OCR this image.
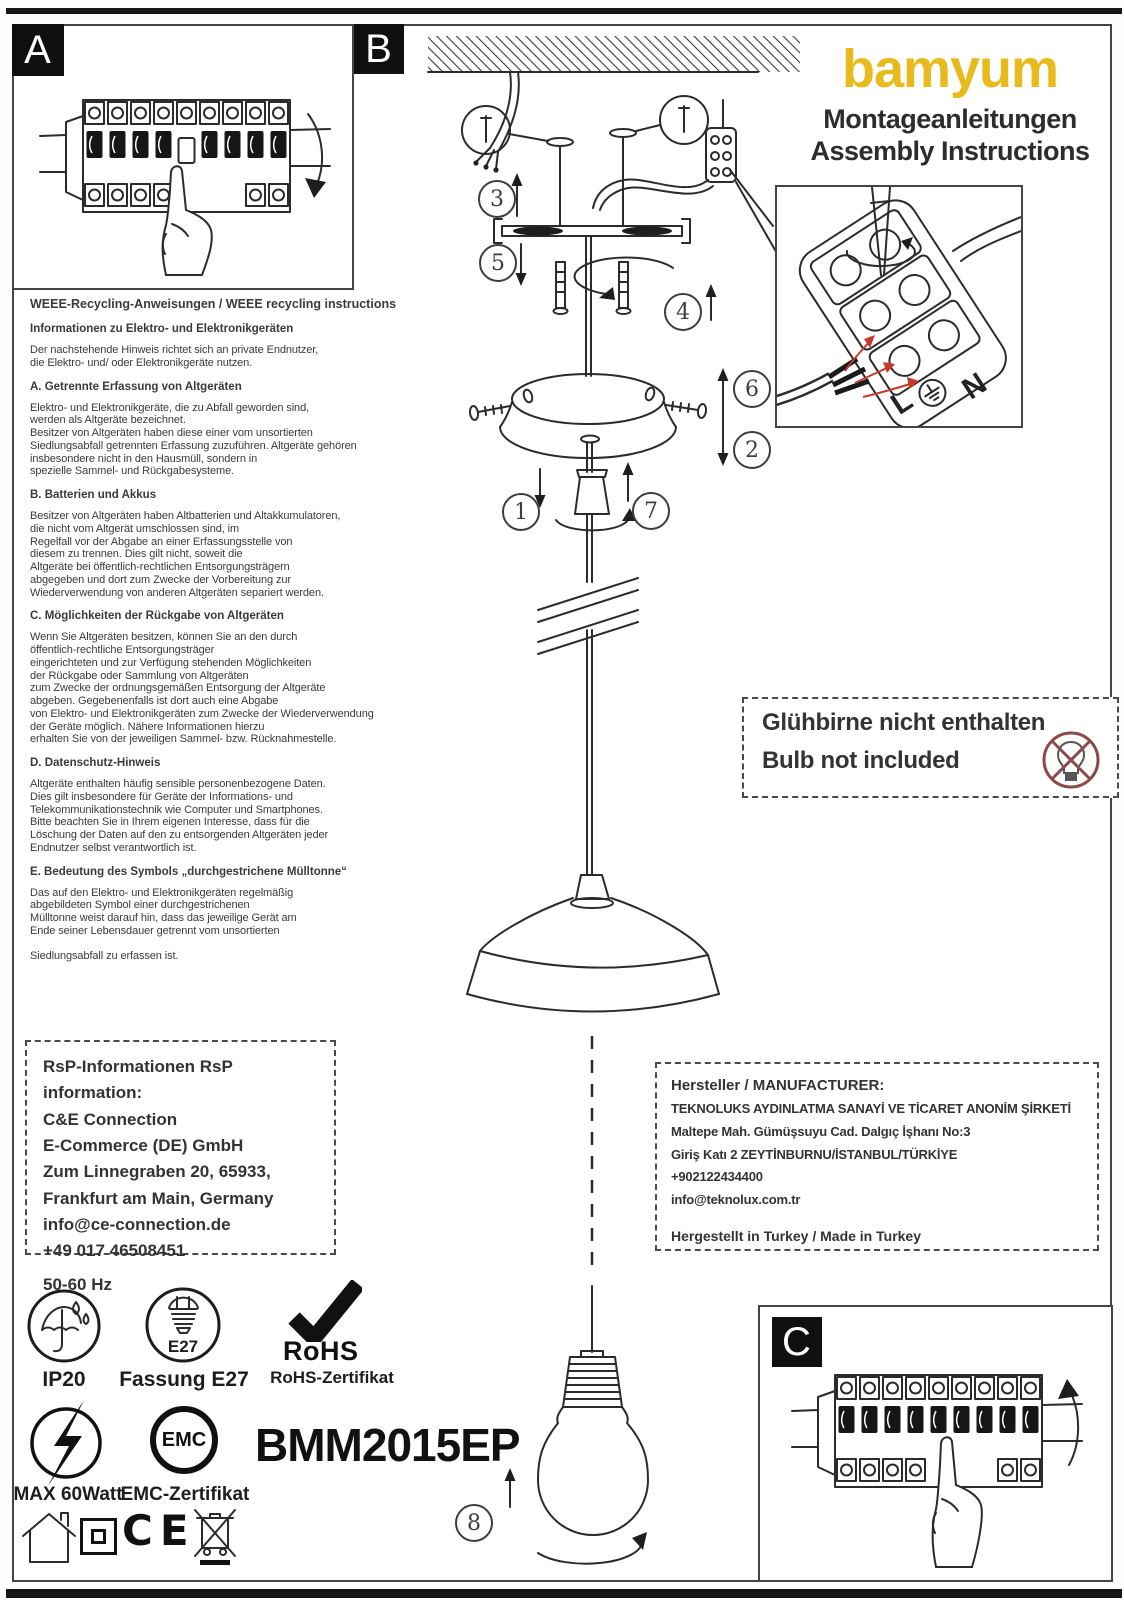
A	B

WEEE-Recycling-Anweisungen / WEEE recycling instructions

Informationen zu Elektro- und Elektronikgeräten

Der nachstehende Hinweis richtet sich an private Endnutzer,
die Elektro- und/ oder Elektronikgeräte nutzen.

A. Getrennte Erfassung von Altgeräten

Elektro- und Elektronikgeräte, die zu Abfall geworden sind,
werden als Altgeräte bezeichnet.
Besitzer von Altgeräten haben diese einer vom unsortierten
Siedlungsabfall getrennten Erfassung zuzuführen. Altgeräte gehören
insbesondere nicht in den Hausmüll, sondern in
spezielle Sammel- und Rückgabesysteme.

B. Batterien und Akkus

Besitzer von Altgeräten haben Altbatterien und Altakkumulatoren,
die nicht vom Altgerät umschlossen sind, im
Regelfall vor der Abgabe an einer Erfassungsstelle von
diesem zu trennen. Dies gilt nicht, soweit die
Altgeräte bei öffentlich-rechtlichen Entsorgungsträgern
abgegeben und dort zum Zwecke der Vorbereitung zur
Wiederverwendung von anderen Altgeräten separiert werden.

C. Möglichkeiten der Rückgabe von Altgeräten

Wenn Sie Altgeräten besitzen, können Sie an den durch
öffentlich-rechtliche Entsorgungsträger
eingerichteten und zur Verfügung stehenden Möglichkeiten
der Rückgabe oder Sammlung von Altgeräten
zum Zwecke der ordnungsgemäßen Entsorgung der Altgeräte
abgeben. Gegebenenfalls ist dort auch eine Abgabe
von Elektro- und Elektronikgeräten zum Zwecke der Wiederverwendung
der Geräte möglich. Nähere Informationen hierzu
erhalten Sie von der jeweiligen Sammel- bzw. Rücknahmestelle.

D. Datenschutz-Hinweis

Altgeräte enthalten häufig sensible personenbezogene Daten.
Dies gilt insbesondere für Geräte der Informations- und
Telekommunikationstechnik wie Computer und Smartphones.
Bitte beachten Sie in Ihrem eigenen Interesse, dass für die
Löschung der Daten auf den zu entsorgenden Altgeräten jeder
Endnutzer selbst verantwortlich ist.

E. Bedeutung des Symbols „durchgestrichene Mülltonne“

Das auf den Elektro- und Elektronikgeräten regelmäßig
abgebildeten Symbol einer durchgestrichenen
Mülltonne weist darauf hin, dass das jeweilige Gerät am
Ende seiner Lebensdauer getrennt vom unsortierten

Siedlungsabfall zu erfassen ist.

bamyum
Montageanleitungen
Assembly Instructions
3
5
4
6
2
1	7
8
L N
Glühbirne nicht enthalten
Bulb not included
RsP-Informationen RsP information:
C&E Connection
E-Commerce (DE) GmbH
Zum Linnegraben 20, 65933,
Frankfurt am Main, Germany
info@ce-connection.de
+49 017 46508451
50-60 Hz
Hersteller / MANUFACTURER:
TEKNOLUKS AYDINLATMA SANAYİ VE TİCARET ANONİM ŞİRKETİ
Maltepe Mah. Gümüşsuyu Cad. Dalgıç İşhanı No:3
Giriş Katı 2 ZEYTİNBURNU/İSTANBUL/TÜRKİYE
+902122434400
info@teknolux.com.tr
Hergestellt in Turkey / Made in Turkey
IP20
E27
Fassung E27
RoHS
RoHS-Zertifikat
MAX 60Watt
EMC
EMC-Zertifikat
BMM2015EP
CE
C
